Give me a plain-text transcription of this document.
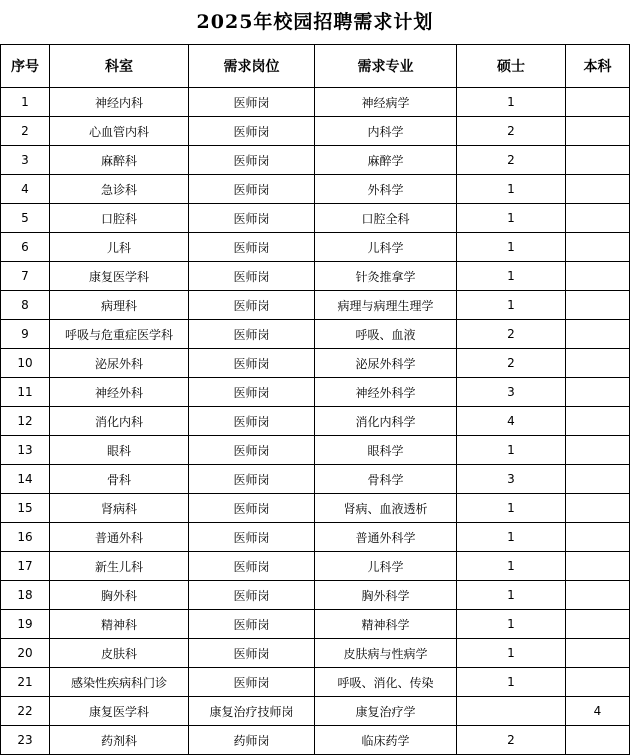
2025年校园招聘需求计划
序号	科室	需求岗位	需求专业	硕士	本科
1	神经内科	医师岗	神经病学	1	
2	心血管内科	医师岗	内科学	2	
3	麻醉科	医师岗	麻醉学	2	
4	急诊科	医师岗	外科学	1	
5	口腔科	医师岗	口腔全科	1	
6	儿科	医师岗	儿科学	1	
7	康复医学科	医师岗	针灸推拿学	1	
8	病理科	医师岗	病理与病理生理学	1	
9	呼吸与危重症医学科	医师岗	呼吸、血液	2	
10	泌尿外科	医师岗	泌尿外科学	2	
11	神经外科	医师岗	神经外科学	3	
12	消化内科	医师岗	消化内科学	4	
13	眼科	医师岗	眼科学	1	
14	骨科	医师岗	骨科学	3	
15	肾病科	医师岗	肾病、血液透析	1	
16	普通外科	医师岗	普通外科学	1	
17	新生儿科	医师岗	儿科学	1	
18	胸外科	医师岗	胸外科学	1	
19	精神科	医师岗	精神科学	1	
20	皮肤科	医师岗	皮肤病与性病学	1	
21	感染性疾病科门诊	医师岗	呼吸、消化、传染	1	
22	康复医学科	康复治疗技师岗	康复治疗学		4
23	药剂科	药师岗	临床药学	2	
